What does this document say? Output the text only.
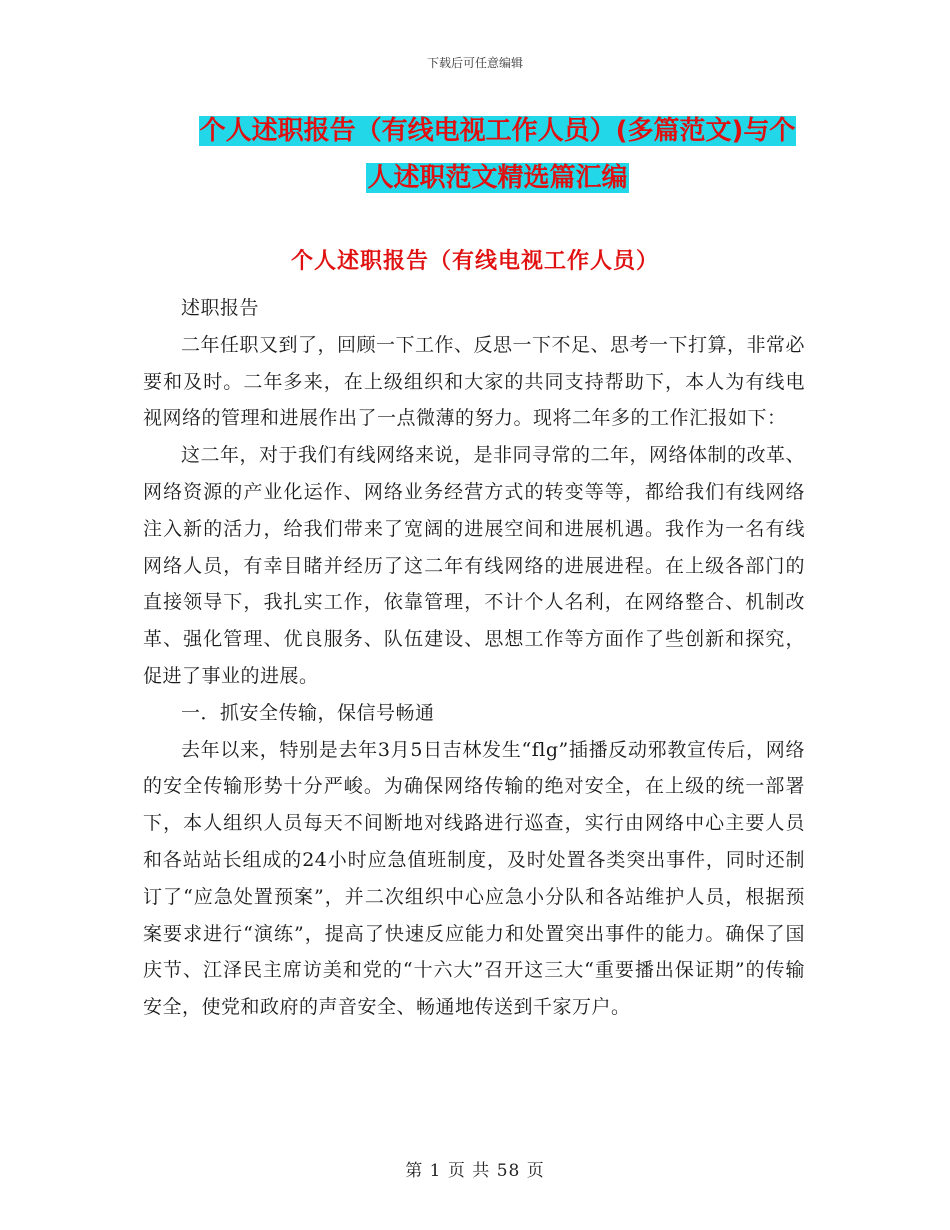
下载后可任意编辑
个人述职报告（有线电视工作人员）(多篇范文)与个
人述职范文精选篇汇编
个人述职报告（有线电视工作人员）

述职报告

二年任职又到了，回顾一下工作、反思一下不足、思考一下打算，非常必要和及时。二年多来，在上级组织和大家的共同支持帮助下，本人为有线电视网络的管理和进展作出了一点微薄的努力。现将二年多的工作汇报如下：

这二年，对于我们有线网络来说，是非同寻常的二年，网络体制的改革、网络资源的产业化运作、网络业务经营方式的转变等等，都给我们有线网络注入新的活力，给我们带来了宽阔的进展空间和进展机遇。我作为一名有线网络人员，有幸目睹并经历了这二年有线网络的进展进程。在上级各部门的直接领导下，我扎实工作，依靠管理，不计个人名利，在网络整合、机制改革、强化管理、优良服务、队伍建设、思想工作等方面作了些创新和探究，促进了事业的进展。

一．抓安全传输，保信号畅通

去年以来，特别是去年3月5日吉林发生“flg”插播反动邪教宣传后，网络的安全传输形势十分严峻。为确保网络传输的绝对安全，在上级的统一部署下，本人组织人员每天不间断地对线路进行巡查，实行由网络中心主要人员和各站站长组成的24小时应急值班制度，及时处置各类突出事件，同时还制订了“应急处置预案”，并二次组织中心应急小分队和各站维护人员，根据预案要求进行“演练”，提高了快速反应能力和处置突出事件的能力。确保了国庆节、江泽民主席访美和党的“十六大”召开这三大“重要播出保证期”的传输安全，使党和政府的声音安全、畅通地传送到千家万户。

第 1 页 共 58 页
